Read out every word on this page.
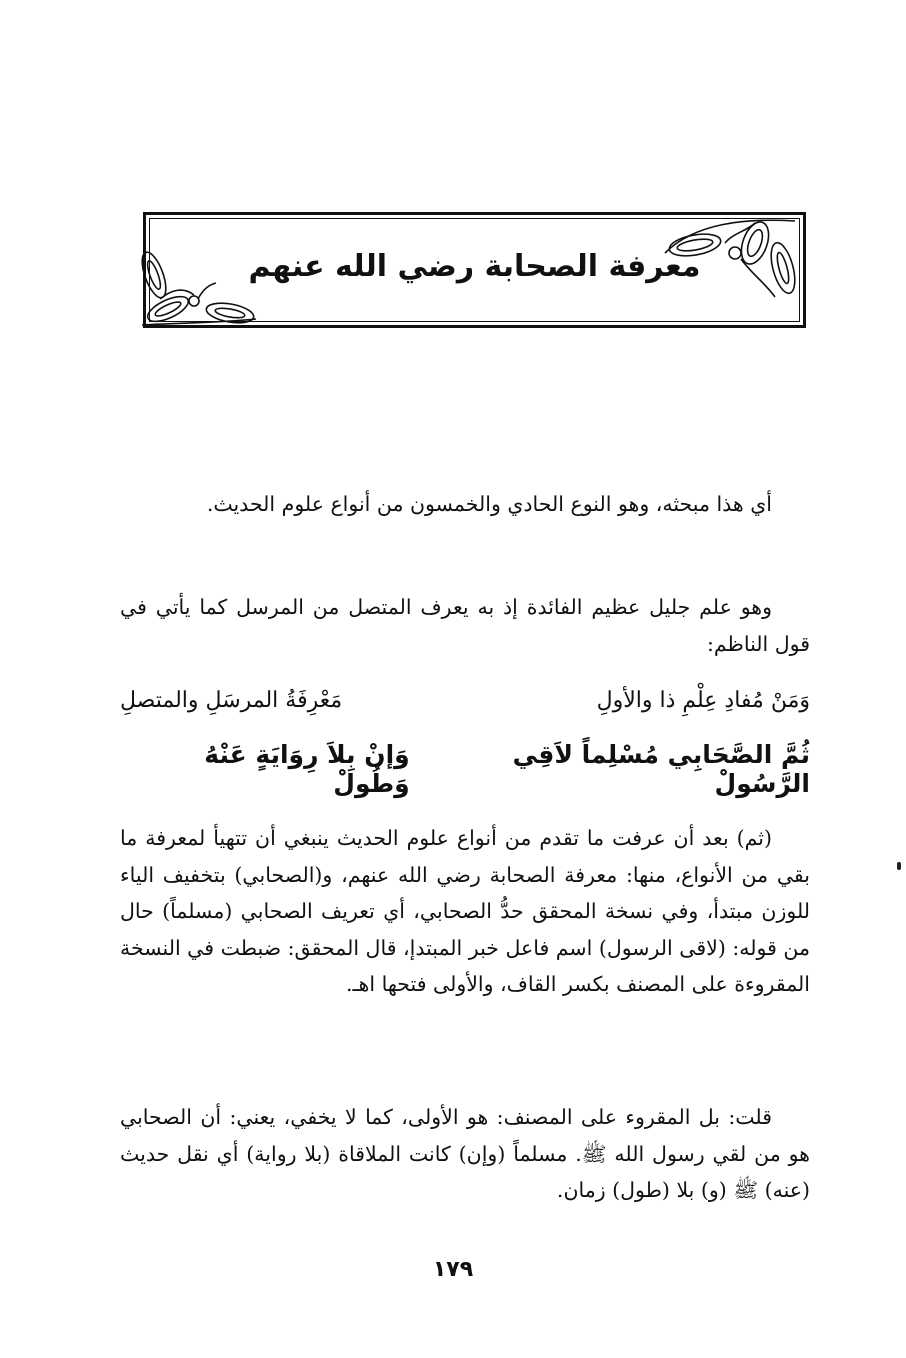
معرفة الصحابة رضي الله عنهم

أي هذا مبحثه، وهو النوع الحادي والخمسون من أنواع علوم الحديث.

وهو علم جليل عظيم الفائدة إذ به يعرف المتصل من المرسل كما يأتي في قول الناظم:

وَمَنْ مُفادِ عِلْمِ ذا والأولِ
مَعْرِفَةُ المرسَلِ والمتصلِ
ثُمَّ الصَّحَابِي مُسْلِماً لاَقِي الرَّسُولْ
وَإنْ بِلاَ رِوَايَةٍ عَنْهُ وَطُولْ

(ثم) بعد أن عرفت ما تقدم من أنواع علوم الحديث ينبغي أن تتهيأ لمعرفة ما بقي من الأنواع، منها: معرفة الصحابة رضي الله عنهم، و(الصحابي) بتخفيف الياء للوزن مبتدأ، وفي نسخة المحقق حدُّ الصحابي، أي تعريف الصحابي (مسلماً) حال من قوله: (لاقى الرسول) اسم فاعل خبر المبتدإ، قال المحقق: ضبطت في النسخة المقروءة على المصنف بكسر القاف، والأولى فتحها اهـ.

قلت: بل المقروء على المصنف: هو الأولى، كما لا يخفي، يعني: أن الصحابي هو من لقي رسول الله ﷺ. مسلماً (وإن) كانت الملاقاة (بلا رواية) أي نقل حديث (عنه) ﷺ (و) بلا (طول) زمان.

١٧٩
